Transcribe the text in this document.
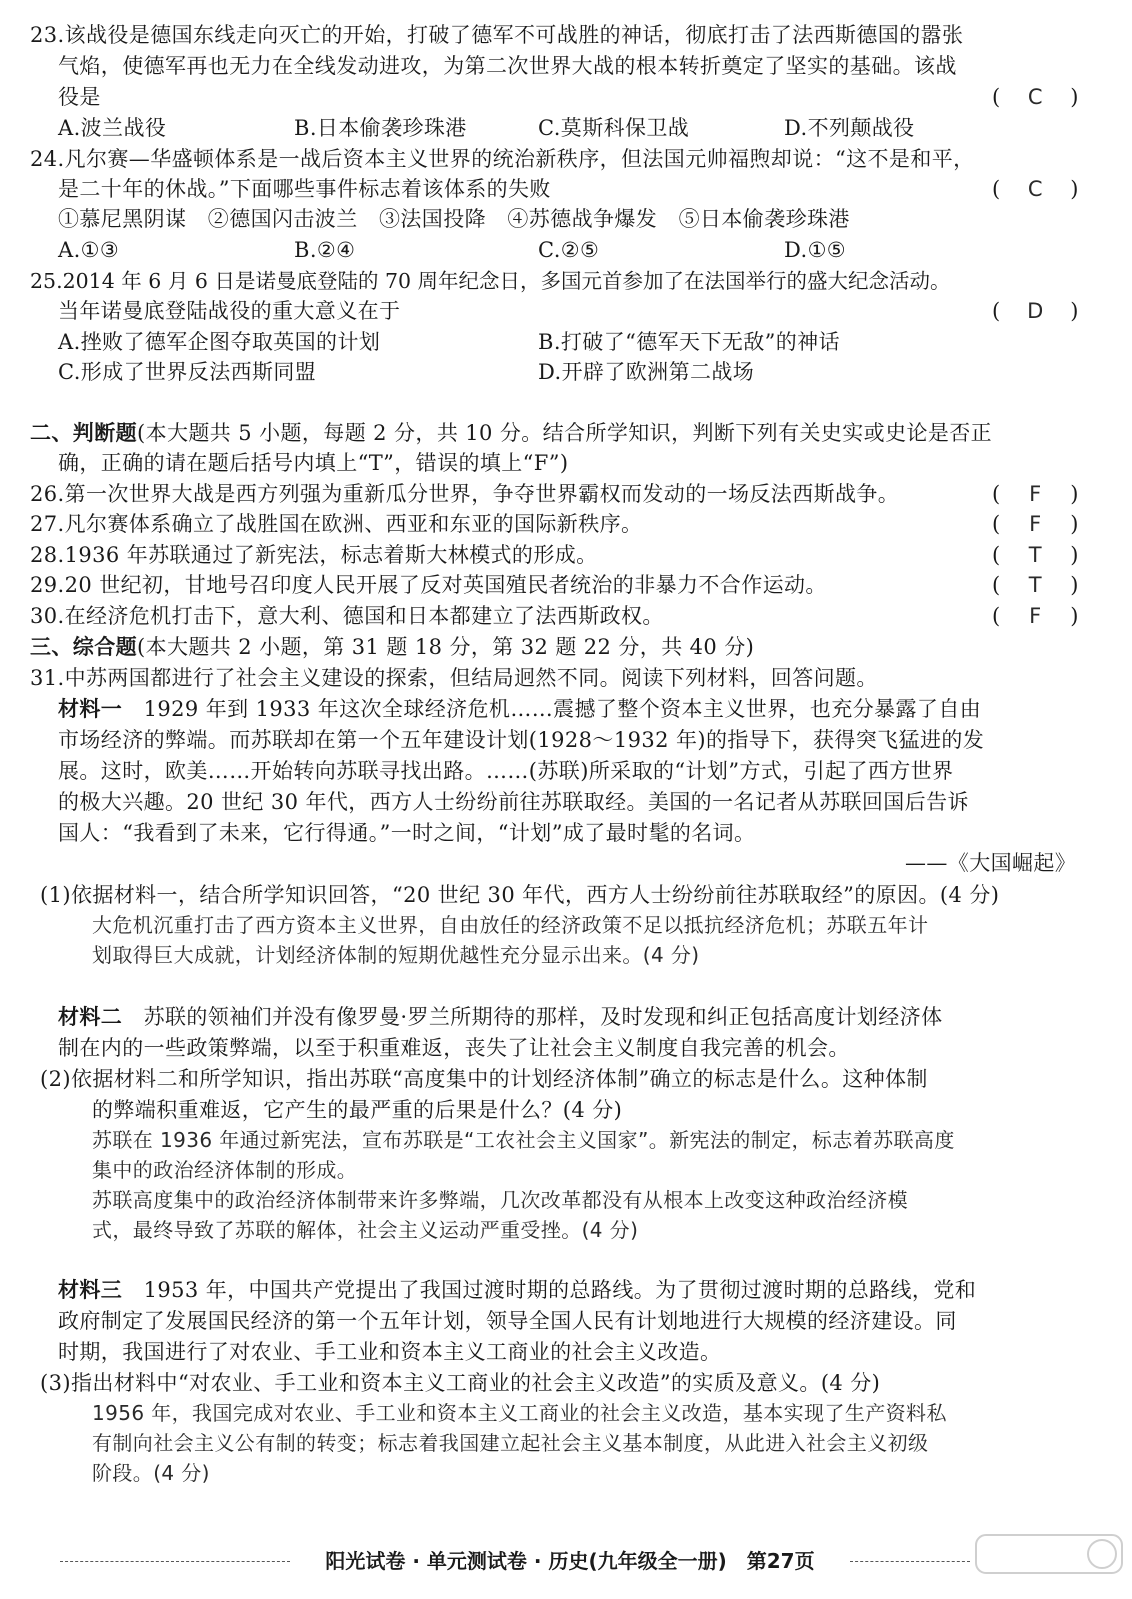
23.该战役是德国东线走向灭亡的开始，打破了德军不可战胜的神话，彻底打击了法西斯德国的嚣张
气焰，使德军再也无力在全线发动进攻，为第二次世界大战的根本转折奠定了坚实的基础。该战
役是	( C )
A.波兰战役	B.日本偷袭珍珠港	C.莫斯科保卫战	D.不列颠战役
24.凡尔赛—华盛顿体系是一战后资本主义世界的统治新秩序，但法国元帅福煦却说：“这不是和平，
是二十年的休战。”下面哪些事件标志着该体系的失败	( C )
①慕尼黑阴谋　②德国闪击波兰　③法国投降　④苏德战争爆发　⑤日本偷袭珍珠港
A.①③	B.②④	C.②⑤	D.①⑤
25.2014 年 6 月 6 日是诺曼底登陆的 70 周年纪念日，多国元首参加了在法国举行的盛大纪念活动。
当年诺曼底登陆战役的重大意义在于	( D )
A.挫败了德军企图夺取英国的计划	B.打破了“德军天下无敌”的神话
C.形成了世界反法西斯同盟	D.开辟了欧洲第二战场
二、判断题(本大题共 5 小题，每题 2 分，共 10 分。结合所学知识，判断下列有关史实或史论是否正
确，正确的请在题后括号内填上“T”，错误的填上“F”)
26.第一次世界大战是西方列强为重新瓜分世界，争夺世界霸权而发动的一场反法西斯战争。	( F )
27.凡尔赛体系确立了战胜国在欧洲、西亚和东亚的国际新秩序。	( F )
28.1936 年苏联通过了新宪法，标志着斯大林模式的形成。	( T )
29.20 世纪初，甘地号召印度人民开展了反对英国殖民者统治的非暴力不合作运动。	( T )
30.在经济危机打击下，意大利、德国和日本都建立了法西斯政权。	( F )
三、综合题(本大题共 2 小题，第 31 题 18 分，第 32 题 22 分，共 40 分)
31.中苏两国都进行了社会主义建设的探索，但结局迥然不同。阅读下列材料，回答问题。
材料一　1929 年到 1933 年这次全球经济危机……震撼了整个资本主义世界，也充分暴露了自由
市场经济的弊端。而苏联却在第一个五年建设计划(1928～1932 年)的指导下，获得突飞猛进的发
展。这时，欧美……开始转向苏联寻找出路。……(苏联)所采取的“计划”方式，引起了西方世界
的极大兴趣。20 世纪 30 年代，西方人士纷纷前往苏联取经。美国的一名记者从苏联回国后告诉
国人：“我看到了未来，它行得通。”一时之间，“计划”成了最时髦的名词。
——《大国崛起》
(1)依据材料一，结合所学知识回答，“20 世纪 30 年代，西方人士纷纷前往苏联取经”的原因。(4 分)
大危机沉重打击了西方资本主义世界，自由放任的经济政策不足以抵抗经济危机；苏联五年计
划取得巨大成就，计划经济体制的短期优越性充分显示出来。(4 分)
材料二　苏联的领袖们并没有像罗曼·罗兰所期待的那样，及时发现和纠正包括高度计划经济体
制在内的一些政策弊端，以至于积重难返，丧失了让社会主义制度自我完善的机会。
(2)依据材料二和所学知识，指出苏联“高度集中的计划经济体制”确立的标志是什么。这种体制
的弊端积重难返，它产生的最严重的后果是什么？(4 分)
苏联在 1936 年通过新宪法，宣布苏联是“工农社会主义国家”。新宪法的制定，标志着苏联高度
集中的政治经济体制的形成。
苏联高度集中的政治经济体制带来许多弊端，几次改革都没有从根本上改变这种政治经济模
式，最终导致了苏联的解体，社会主义运动严重受挫。(4 分)
材料三　1953 年，中国共产党提出了我国过渡时期的总路线。为了贯彻过渡时期的总路线，党和
政府制定了发展国民经济的第一个五年计划，领导全国人民有计划地进行大规模的经济建设。同
时期，我国进行了对农业、手工业和资本主义工商业的社会主义改造。
(3)指出材料中“对农业、手工业和资本主义工商业的社会主义改造”的实质及意义。(4 分)
1956 年，我国完成对农业、手工业和资本主义工商业的社会主义改造，基本实现了生产资料私
有制向社会主义公有制的转变；标志着我国建立起社会主义基本制度，从此进入社会主义初级
阶段。(4 分)
阳光试卷 · 单元测试卷 · 历史(九年级全一册)　第27页
